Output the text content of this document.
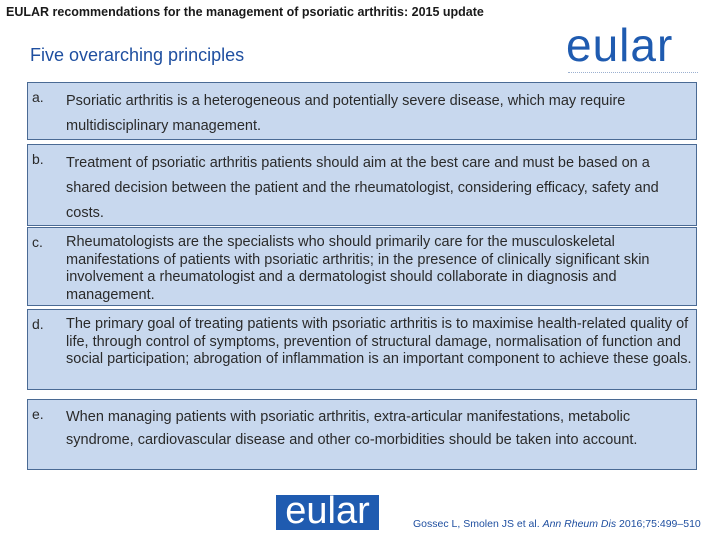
EULAR recommendations for the management of psoriatic arthritis: 2015 update
Five overarching principles	eular
a. Psoriatic arthritis is a heterogeneous and potentially severe disease, which may require multidisciplinary management.
b. Treatment of psoriatic arthritis patients should aim at the best care and must be based on a shared decision between the patient and the rheumatologist, considering efficacy, safety and costs.
c. Rheumatologists are the specialists who should primarily care for the musculoskeletal manifestations of patients with psoriatic arthritis; in the presence of clinically significant skin involvement a rheumatologist and a dermatologist should collaborate in diagnosis and management.
d. The primary goal of treating patients with psoriatic arthritis is to maximise health-related quality of life, through control of symptoms, prevention of structural damage, normalisation of function and social participation; abrogation of inflammation is an important component to achieve these goals.
e. When managing patients with psoriatic arthritis, extra-articular manifestations, metabolic syndrome, cardiovascular disease and other co-morbidities should be taken into account.
eular	Gossec L, Smolen JS et al. Ann Rheum Dis 2016;75:499–510
